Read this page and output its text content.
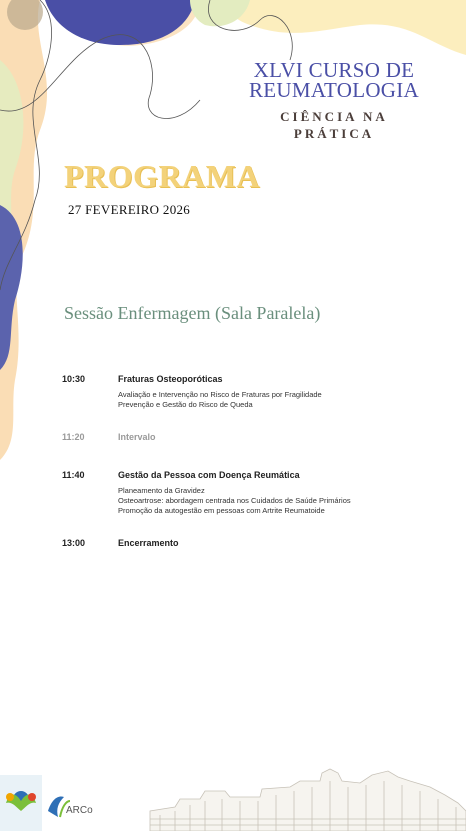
XLVI CURSO DE
REUMATOLOGIA
CIÊNCIA NA
PRÁTICA
PROGRAMA
27 FEVEREIRO 2026
Sessão Enfermagem (Sala Paralela)
10:30	Fraturas Osteoporóticas
Avaliação e Intervenção no Risco de Fraturas por Fragilidade
Prevenção e Gestão do Risco de Queda
11:20	Intervalo
11:40	Gestão da Pessoa com Doença Reumática
Planeamento da Gravidez
Osteoartrose: abordagem centrada nos Cuidados de Saúde Primários
Promoção da autogestão em pessoas com Artrite Reumatoide
13:00	Encerramento
ARCo
